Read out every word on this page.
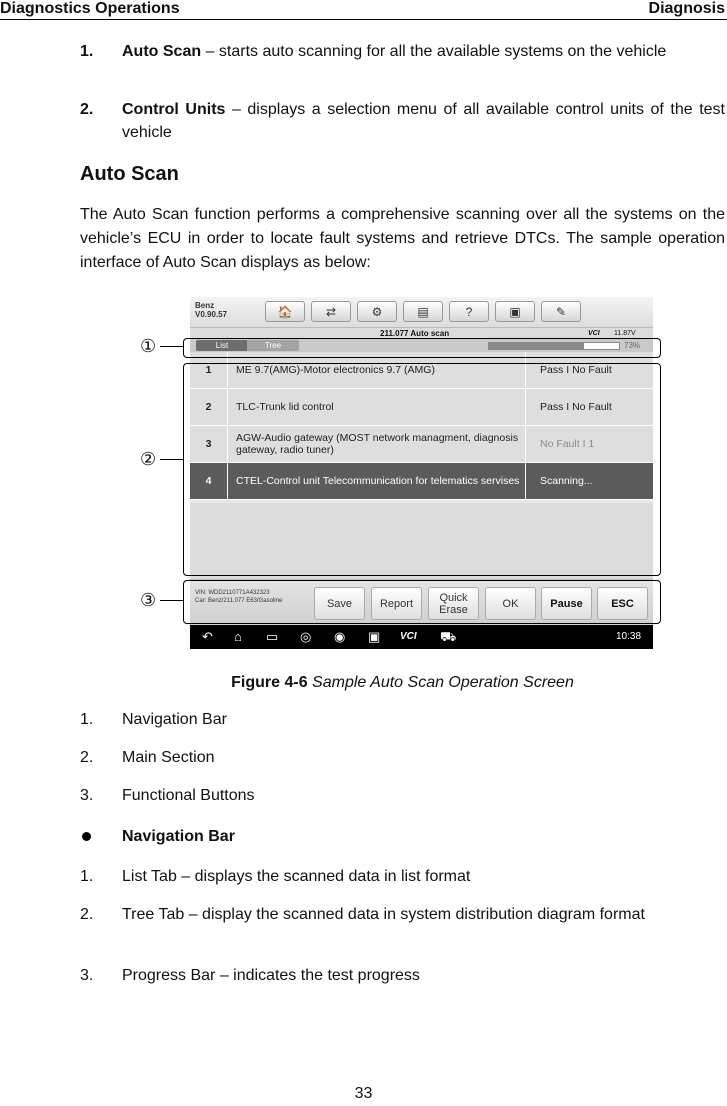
Diagnostics Operations	Diagnosis
1. Auto Scan – starts auto scanning for all the available systems on the vehicle
2. Control Units – displays a selection menu of all available control units of the test vehicle
Auto Scan
The Auto Scan function performs a comprehensive scanning over all the systems on the vehicle’s ECU in order to locate fault systems and retrieve DTCs. The sample operation interface of Auto Scan displays as below:
Benz
V0.90.57	🏠	⇄	⚙	▤	?	▣	✎
211.077 Auto scan	VCI 11.87V
List	Tree	73%
1	ME 9.7(AMG)-Motor electronics 9.7 (AMG)	Pass I No Fault
2	TLC-Trunk lid control	Pass I No Fault
3	AGW-Audio gateway (MOST network managment, diagnosis gateway, radio tuner)	No Fault I 1
4	CTEL-Control unit Telecommunication for telematics servises	Scanning...
VIN: WDD2110771A432323
Car: Benz/211.077 E63/Gasoline	Save	Report	Quick Erase	OK	Pause	ESC
↶ ⌂ ▭ ◎ ◉ ▣ VCI ⛟	10:38
①
②
③
Figure 4-6 Sample Auto Scan Operation Screen
1. Navigation Bar
2. Main Section
3. Functional Buttons
Navigation Bar
1. List Tab – displays the scanned data in list format
2. Tree Tab – display the scanned data in system distribution diagram format
3. Progress Bar – indicates the test progress
33
